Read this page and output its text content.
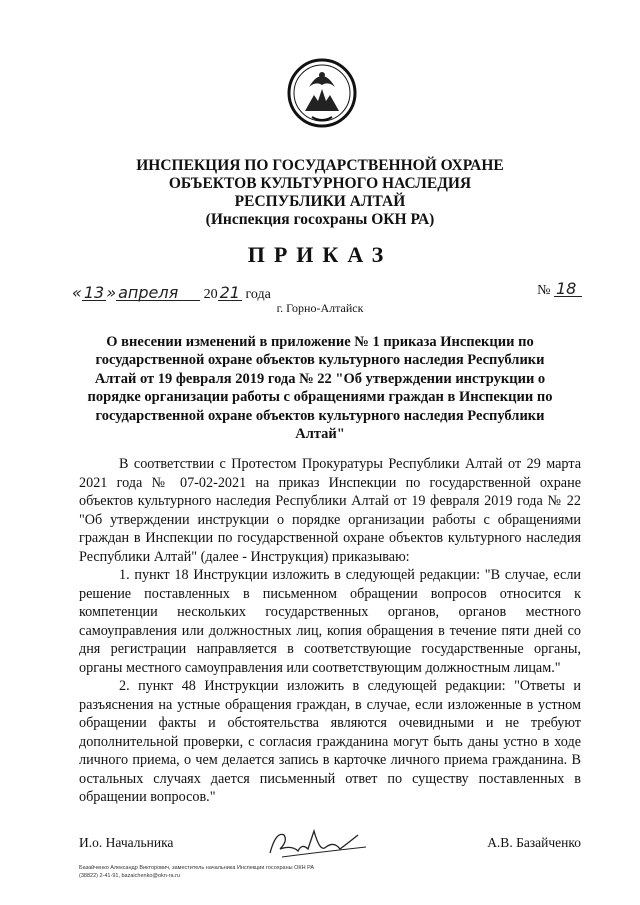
ИНСПЕКЦИЯ ПО ГОСУДАРСТВЕННОЙ ОХРАНЕ
ОБЪЕКТОВ КУЛЬТУРНОГО НАСЛЕДИЯ
РЕСПУБЛИКИ АЛТАЙ
(Инспекция госохраны ОКН РА)
ПРИКАЗ
« 13 » апреля 20 21 года	№ 18
г. Горно-Алтайск
О внесении изменений в приложение № 1 приказа Инспекции по государственной охране объектов культурного наследия Республики Алтай от 19 февраля 2019 года № 22 "Об утверждении инструкции о порядке организации работы с обращениями граждан в Инспекции по государственной охране объектов культурного наследия Республики Алтай"

В соответствии с Протестом Прокуратуры Республики Алтай от 29 марта 2021 года № 07-02-2021 на приказ Инспекции по государственной охране объектов культурного наследия Республики Алтай от 19 февраля 2019 года № 22 "Об утверждении инструкции о порядке организации работы с обращениями граждан в Инспекции по государственной охране объектов культурного наследия Республики Алтай" (далее - Инструкция) приказываю:

1. пункт 18 Инструкции изложить в следующей редакции: "В случае, если решение поставленных в письменном обращении вопросов относится к компетенции нескольких государственных органов, органов местного самоуправления или должностных лиц, копия обращения в течение пяти дней со дня регистрации направляется в соответствующие государственные органы, органы местного самоуправления или соответствующим должностным лицам."

2. пункт 48 Инструкции изложить в следующей редакции: "Ответы и разъяснения на устные обращения граждан, в случае, если изложенные в устном обращении факты и обстоятельства являются очевидными и не требуют дополнительной проверки, с согласия гражданина могут быть даны устно в ходе личного приема, о чем делается запись в карточке личного приема гражданина. В остальных случаях дается письменный ответ по существу поставленных в обращении вопросов."

И.о. Начальника	А.В. Базайченко
Базайченко Александр Викторович, заместитель начальника Инспекции госохраны ОКН РА
(38822) 2-41-91, bazaichenko@okn-ra.ru
